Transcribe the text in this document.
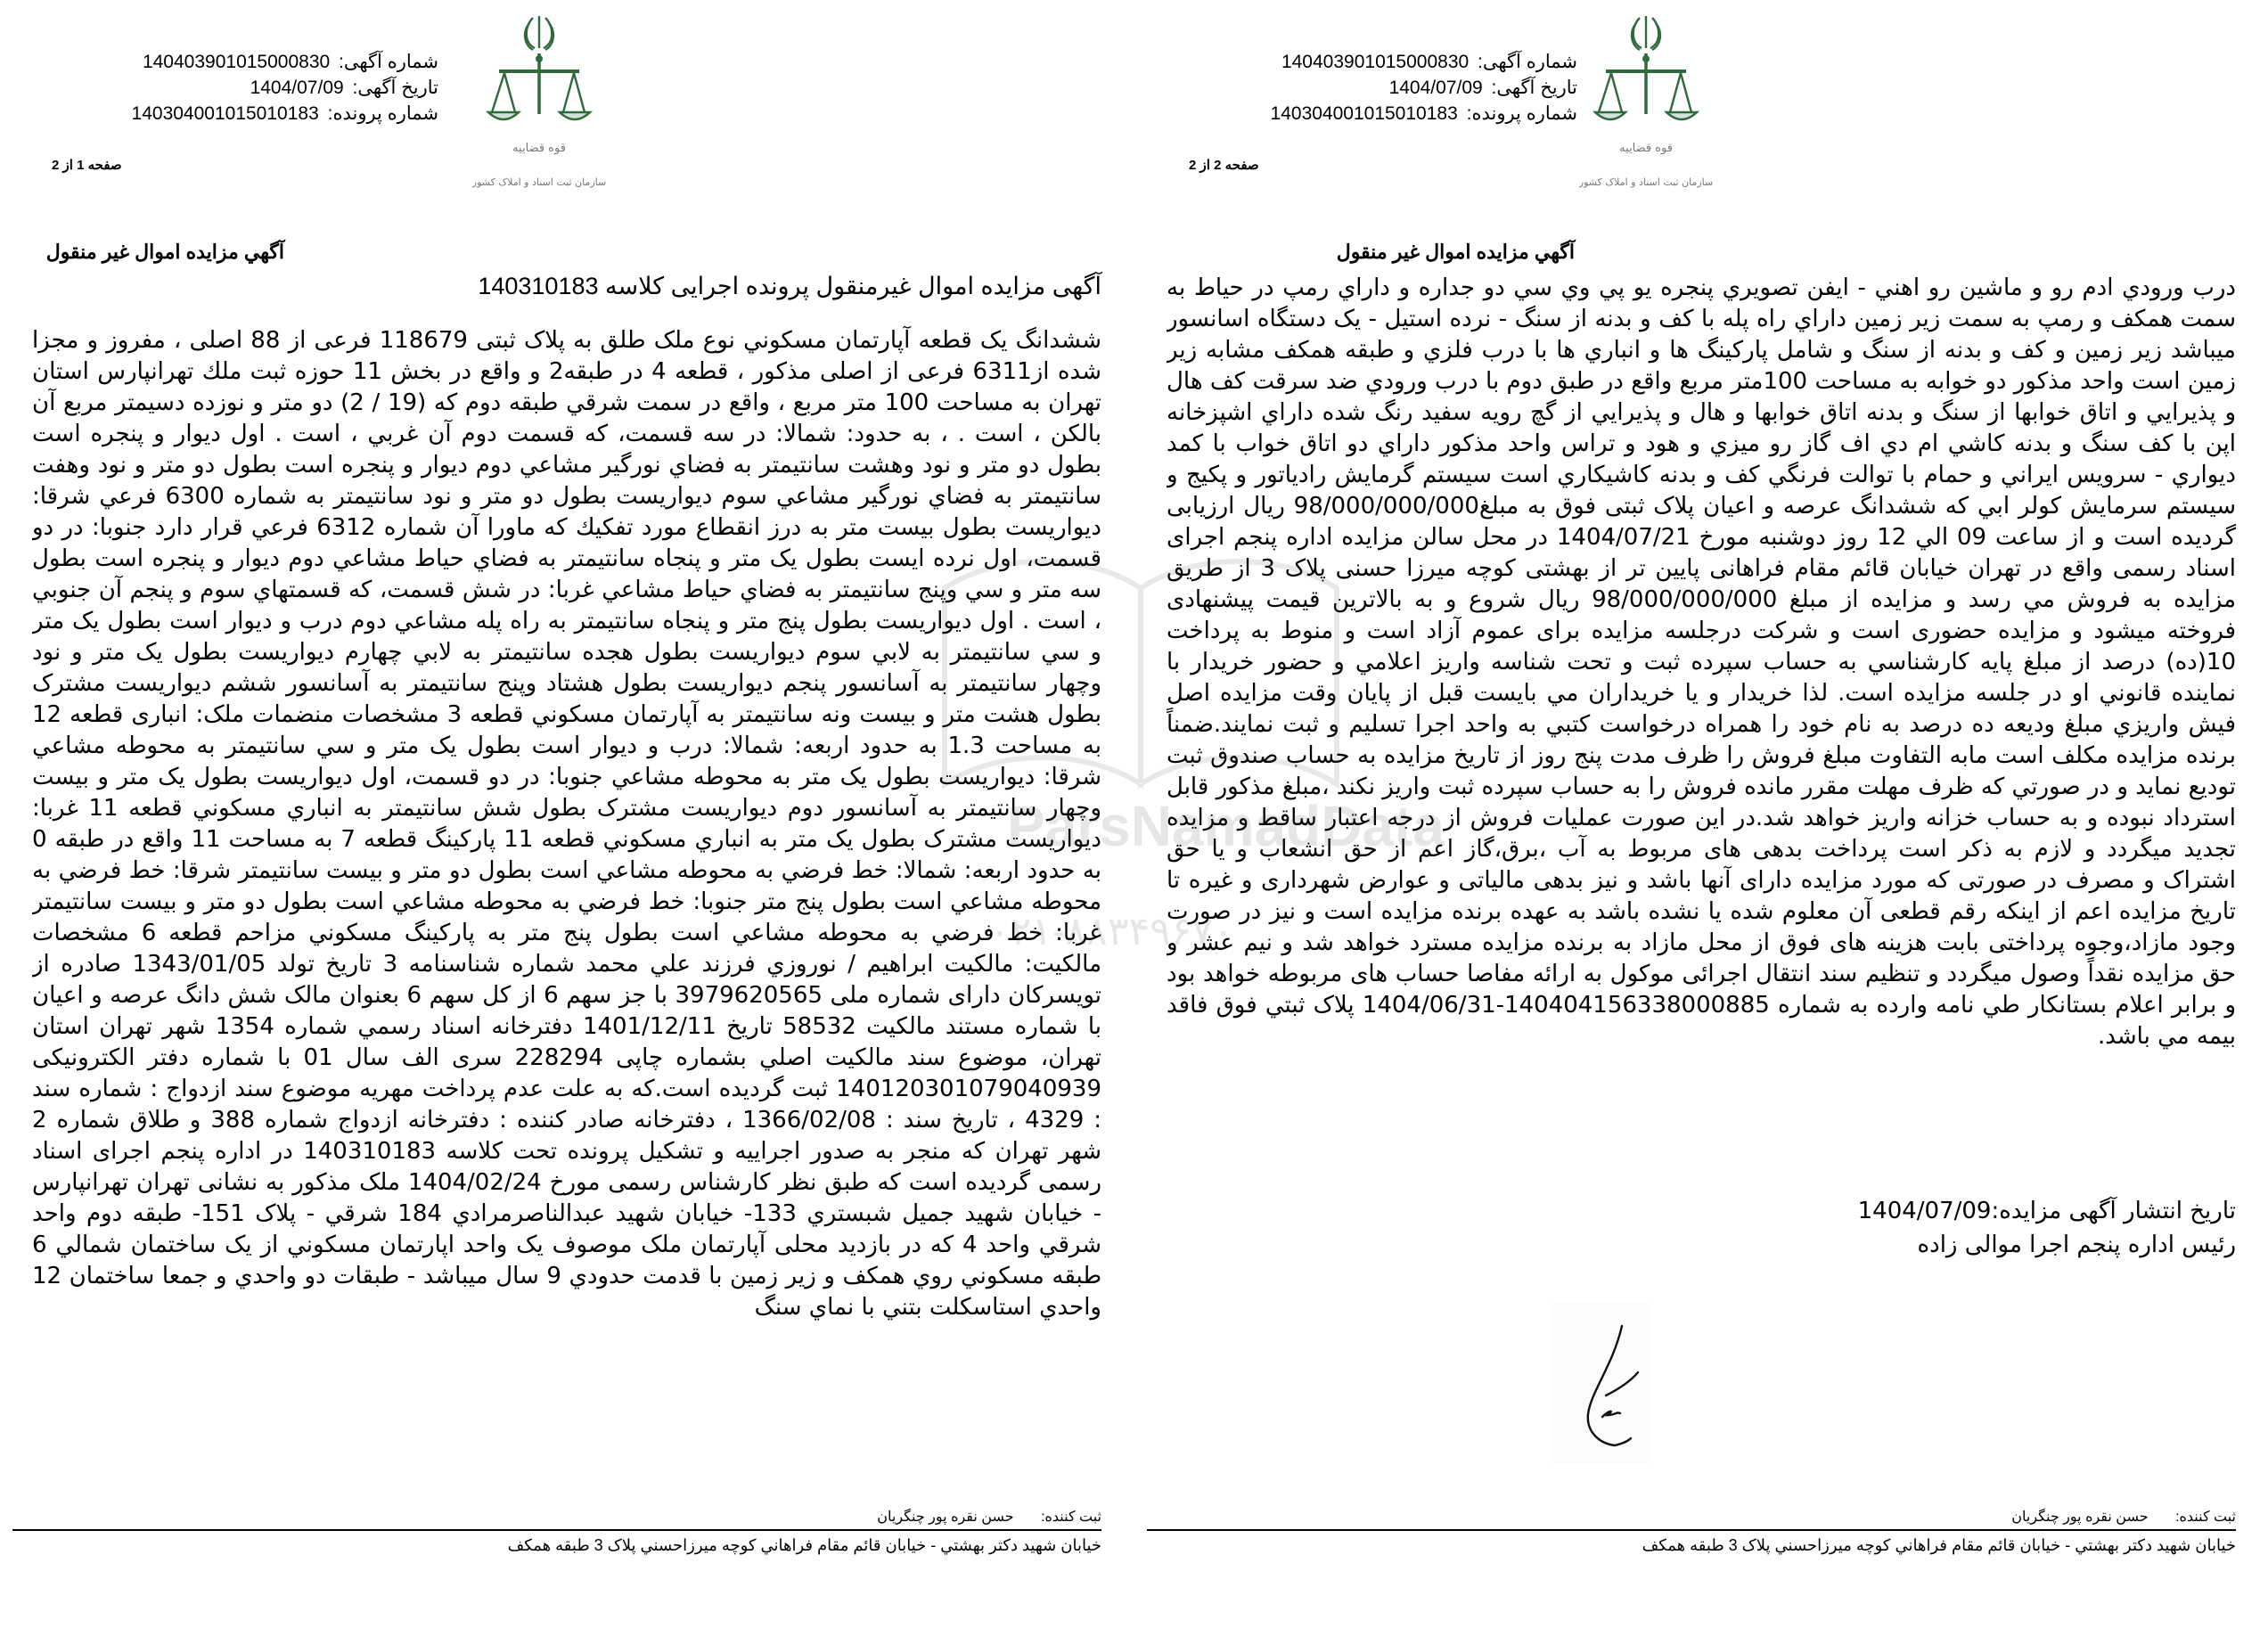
قوه قضاییه
سازمان ثبت اسناد و املاک کشور
شماره آگهی: 140403901015000830
تاریخ آگهی: 1404/07/09
شماره پرونده: 140304001015010183
صفحه 1 از 2
آگهي مزايده اموال غير منقول
آگهی مزایده اموال غیرمنقول پرونده اجرایی کلاسه 140310183

ششدانگ یک قطعه آپارتمان مسكوني نوع ملک طلق به پلاک ثبتی 118679 فرعی از 88 اصلی ، مفروز و مجزا شده از6311 فرعی از اصلی مذکور ، قطعه 4 در طبقه2 و واقع در بخش 11 حوزه ثبت ملك تهرانپارس استان تهران به مساحت 100 متر مربع ، واقع در سمت شرقي طبقه دوم که (19 / 2) دو متر و نوزده دسیمتر مربع آن بالکن ، است . ، به حدود: شمالا: در سه قسمت، كه قسمت دوم آن غربي ، است . اول ديوار و پنجره است بطول دو متر و نود وهشت سانتيمتر به فضاي نورگير مشاعي دوم ديوار و پنجره است بطول دو متر و نود وهفت سانتيمتر به فضاي نورگير مشاعي سوم ديواريست بطول دو متر و نود سانتيمتر به شماره 6300 فرعي شرقا: ديواريست بطول بيست متر به درز انقطاع مورد تفكيك كه ماورا آن شماره 6312 فرعي قرار دارد جنوبا: در دو قسمت، اول نرده ايست بطول يک متر و پنجاه سانتيمتر به فضاي حياط مشاعي دوم ديوار و پنجره است بطول سه متر و سي وپنج سانتيمتر به فضاي حياط مشاعي غربا: در شش قسمت، كه قسمتهاي سوم و پنجم آن جنوبي ، است . اول ديواريست بطول پنج متر و پنجاه سانتيمتر به راه پله مشاعي دوم درب و ديوار است بطول يک متر و سي سانتيمتر به لابي سوم ديواريست بطول هجده سانتيمتر به لابي چهارم ديواريست بطول يک متر و نود وچهار سانتيمتر به آسانسور پنجم ديواريست بطول هشتاد وپنج سانتيمتر به آسانسور ششم ديواريست مشترک بطول هشت متر و بيست ونه سانتيمتر به آپارتمان مسكوني قطعه 3 مشخصات منضمات ملک: انباری قطعه 12 به مساحت 1.3 به حدود اربعه: شمالا: درب و ديوار است بطول يک متر و سي سانتيمتر به محوطه مشاعي شرقا: ديواريست بطول يک متر به محوطه مشاعي جنوبا: در دو قسمت، اول ديواريست بطول يک متر و بيست وچهار سانتيمتر به آسانسور دوم ديواريست مشترک بطول شش سانتيمتر به انباري مسكوني قطعه 11 غربا: ديواريست مشترک بطول يک متر به انباري مسكوني قطعه 11 پارکینگ قطعه 7 به مساحت 11 واقع در طبقه 0 به حدود اربعه: شمالا: خط فرضي به محوطه مشاعي است بطول دو متر و بيست سانتيمتر شرقا: خط فرضي به محوطه مشاعي است بطول پنج متر جنوبا: خط فرضي به محوطه مشاعي است بطول دو متر و بيست سانتيمتر غربا: خط فرضي به محوطه مشاعي است بطول پنج متر به پاركينگ مسكوني مزاحم قطعه 6 مشخصات مالکیت: مالكيت ابراهيم / نوروزي فرزند علي محمد شماره شناسنامه 3 تاريخ تولد 1343/01/05 صادره از تويسركان دارای شماره ملی 3979620565 با جز سهم 6 از کل سهم 6 بعنوان مالک شش دانگ عرصه و اعيان با شماره مستند مالكيت 58532 تاريخ 1401/12/11 دفترخانه اسناد رسمي شماره 1354 شهر تهران استان تهران، موضوع سند مالكيت اصلي بشماره چاپی 228294 سری الف سال 01 با شماره دفتر الکترونیکی 140120301079040939 ثبت گرديده است.که به علت عدم پرداخت مهریه موضوع سند ازدواج : شماره سند : 4329 ، تاریخ سند : 1366/02/08 ، دفترخانه صادر کننده : دفترخانه ازدواج شماره 388 و طلاق شماره 2 شهر تهران که منجر به صدور اجراییه و تشکیل پرونده تحت کلاسه 140310183 در اداره پنجم اجرای اسناد رسمی گردیده است که طبق نظر کارشناس رسمی مورخ 1404/02/24 ملک مذکور به نشانی تهران تهرانپارس - خیابان شهید جمیل شبستري 133- خيابان شهيد عبدالناصرمرادي 184 شرقي - پلاک 151- طبقه دوم واحد شرقي واحد 4 که در بازدید محلی آپارتمان ملک موصوف یک واحد اپارتمان مسكوني از یک ساختمان شمالي 6 طبقه مسكوني روي همكف و زير زمين با قدمت حدودي 9 سال ميباشد - طبقات دو واحدي و جمعا ساختمان 12 واحدي استاسكلت بتني با نماي سنگ

ثبت کننده: حسن نقره پور چنگریان
خيابان شهيد دكتر بهشتي - خيابان قائم مقام فراهاني كوچه ميرزاحسني پلاک 3 طبقه همكف
قوه قضاییه
سازمان ثبت اسناد و املاک کشور
شماره آگهی: 140403901015000830
تاریخ آگهی: 1404/07/09
شماره پرونده: 140304001015010183
صفحه 2 از 2
آگهي مزايده اموال غير منقول

درب ورودي ادم رو و ماشين رو اهني - ايفن تصويري پنجره يو پي وي سي دو جداره و داراي رمپ در حياط به سمت همكف و رمپ به سمت زير زمين داراي راه پله با كف و بدنه از سنگ - نرده استيل - يک دستگاه اسانسور ميباشد زير زمين و كف و بدنه از سنگ و شامل پاركينگ ها و انباري ها با درب فلزي و طبقه همكف مشابه زير زمين است واحد مذكور دو خوابه به مساحت 100متر مربع واقع در طبق دوم با درب ورودي ضد سرقت كف هال و پذيرايي و اتاق خوابها از سنگ و بدنه اتاق خوابها و هال و پذيرايي از گچ رويه سفيد رنگ شده داراي اشپزخانه اپن با كف سنگ و بدنه كاشي ام دي اف گاز رو ميزي و هود و تراس واحد مذكور داراي دو اتاق خواب با كمد ديواري - سرويس ايراني و حمام با توالت فرنگي كف و بدنه كاشيكاري است سيستم گرمايش رادياتور و پكيج و سيستم سرمايش كولر ابي كه ششدانگ عرصه و اعيان پلاک ثبتی فوق به مبلغ98/000/000/000 ریال ارزیابی گردیده است و از ساعت 09 الي 12 روز دوشنبه مورخ 1404/07/21 در محل سالن مزایده اداره پنجم اجرای اسناد رسمی واقع در تهران خیابان قائم مقام فراهانی پایین تر از بهشتی کوچه میرزا حسنی پلاک 3 از طریق مزایده به فروش مي رسد و مزایده از مبلغ 98/000/000/000 ریال شروع و به بالاترین قیمت پیشنهادی فروخته میشود و مزایده حضوری است و شرکت درجلسه مزایده برای عموم آزاد است و منوط به پرداخت 10(ده) درصد از مبلغ پايه كارشناسي به حساب سپرده ثبت و تحت شناسه واريز اعلامي و حضور خريدار با نماينده قانوني او در جلسه مزايده است. لذا خريدار و يا خريداران مي بايست قبل از پايان وقت مزايده اصل فيش واريزي مبلغ وديعه ده درصد به نام خود را همراه درخواست كتبي به واحد اجرا تسليم و ثبت نمايند.ضمناً برنده مزايده مكلف است مابه التفاوت مبلغ فروش را ظرف مدت پنج روز از تاريخ مزايده به حساب صندوق ثبت توديع نمايد و در صورتي كه ظرف مهلت مقرر مانده فروش را به حساب سپرده ثبت واريز نكند ،مبلغ مذكور قابل استرداد نبوده و به حساب خزانه واريز خواهد شد.در این صورت عملیات فروش از درجه اعتبار ساقط و مزایده تجدید میگردد و لازم به ذکر است پرداخت بدهی های مربوط به آب ،برق،گاز اعم از حق انشعاب و یا حق اشتراک و مصرف در صورتی که مورد مزایده دارای آنها باشد و نیز بدهی مالیاتی و عوارض شهرداری و غیره تا تاریخ مزایده اعم از اینکه رقم قطعی آن معلوم شده یا نشده باشد به عهده برنده مزایده است و نیز در صورت وجود مازاد،وجوه پرداختی بابت هزینه های فوق از محل مازاد به برنده مزایده مسترد خواهد شد و نیم عشر و حق مزایده نقداً وصول میگردد و تنظیم سند انتقال اجرائی موکول به ارائه مفاصا حساب های مربوطه خواهد بود و برابر اعلام بستانكار طي نامه وارده به شماره 140404156338000885-1404/06/31 پلاک ثبتي فوق فاقد بيمه مي باشد.

تاریخ انتشار آگهی مزایده:1404/07/09
رئیس اداره پنجم اجرا موالی زاده
ثبت کننده: حسن نقره پور چنگریان
خيابان شهيد دكتر بهشتي - خيابان قائم مقام فراهاني كوچه ميرزاحسني پلاک 3 طبقه همكف
ParsNamadData
۰۲۱-۸۸۳۴۹۶۷۰
